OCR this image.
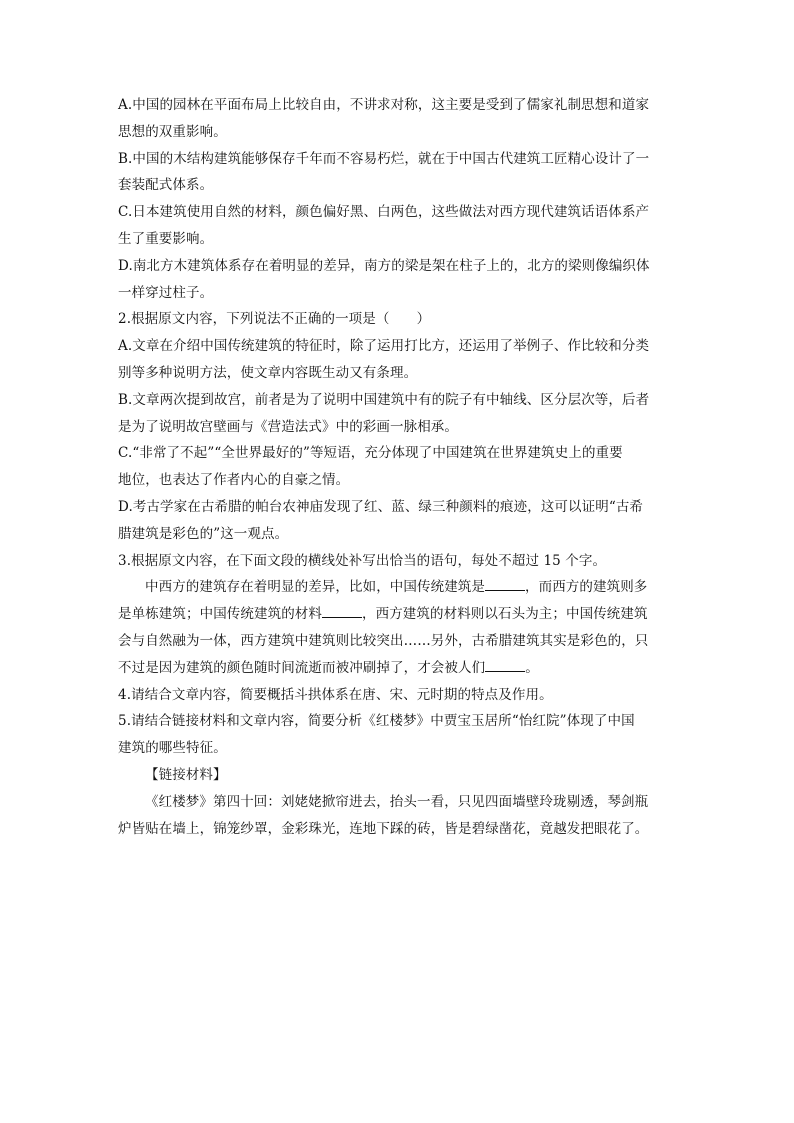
A.中国的园林在平面布局上比较自由，不讲求对称，这主要是受到了儒家礼制思想和道家
思想的双重影响。
B.中国的木结构建筑能够保存千年而不容易朽烂，就在于中国古代建筑工匠精心设计了一
套装配式体系。
C.日本建筑使用自然的材料，颜色偏好黑、白两色，这些做法对西方现代建筑话语体系产
生了重要影响。
D.南北方木建筑体系存在着明显的差异，南方的梁是架在柱子上的，北方的梁则像编织体
一样穿过柱子。
2.根据原文内容，下列说法不正确的一项是（　　）
A.文章在介绍中国传统建筑的特征时，除了运用打比方，还运用了举例子、作比较和分类
别等多种说明方法，使文章内容既生动又有条理。
B.文章两次提到故宫，前者是为了说明中国建筑中有的院子有中轴线、区分层次等，后者
是为了说明故宫壁画与《营造法式》中的彩画一脉相承。
C.“非常了不起”“全世界最好的”等短语，充分体现了中国建筑在世界建筑史上的重要
地位，也表达了作者内心的自豪之情。
D.考古学家在古希腊的帕台农神庙发现了红、蓝、绿三种颜料的痕迹，这可以证明“古希
腊建筑是彩色的”这一观点。
3.根据原文内容，在下面文段的横线处补写出恰当的语句，每处不超过 15 个字。
中西方的建筑存在着明显的差异，比如，中国传统建筑是	，而西方的建筑则多
是单栋建筑；中国传统建筑的材料	，西方建筑的材料则以石头为主；中国传统建筑
会与自然融为一体，西方建筑中建筑则比较突出……另外，古希腊建筑其实是彩色的，只
不过是因为建筑的颜色随时间流逝而被冲刷掉了，才会被人们	。
4.请结合文章内容，简要概括斗拱体系在唐、宋、元时期的特点及作用。
5.请结合链接材料和文章内容，简要分析《红楼梦》中贾宝玉居所“怡红院”体现了中国
建筑的哪些特征。
【链接材料】
《红楼梦》第四十回：刘姥姥掀帘进去，抬头一看，只见四面墙壁玲珑剔透，琴剑瓶
炉皆贴在墙上，锦笼纱罩，金彩珠光，连地下踩的砖，皆是碧绿凿花，竟越发把眼花了。
